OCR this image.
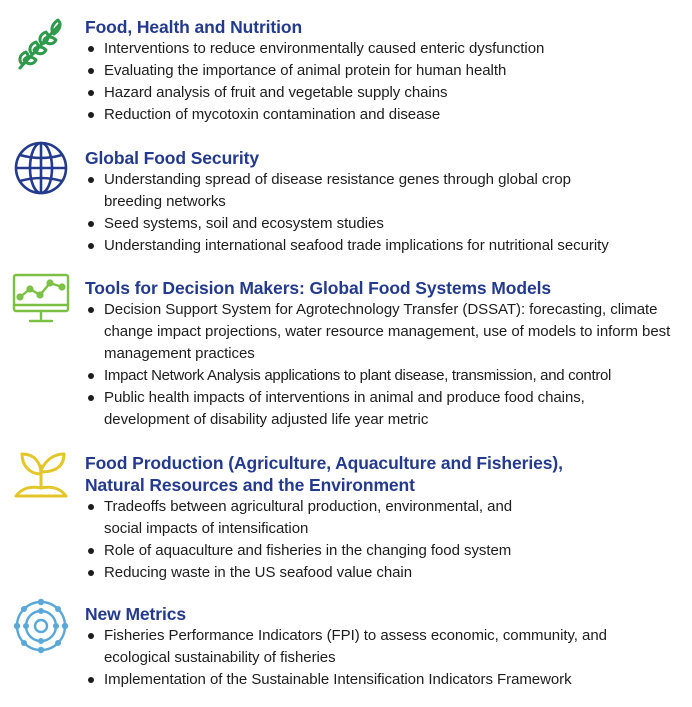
Food, Health and Nutrition
Interventions to reduce environmentally caused enteric dysfunction
Evaluating the importance of animal protein for human health
Hazard analysis of fruit and vegetable supply chains
Reduction of mycotoxin contamination and disease
Global Food Security
Understanding spread of disease resistance genes through global crop breeding networks
Seed systems, soil and ecosystem studies
Understanding international seafood trade implications for nutritional security
Tools for Decision Makers: Global Food Systems Models
Decision Support System for Agrotechnology Transfer (DSSAT): forecasting, climate change impact projections, water resource management, use of models to inform best management practices
Impact Network Analysis applications to plant disease, transmission, and control
Public health impacts of interventions in animal and produce food chains, development of disability adjusted life year metric
Food Production (Agriculture, Aquaculture and Fisheries), Natural Resources and the Environment
Tradeoffs between agricultural production, environmental, and social impacts of intensification
Role of aquaculture and fisheries in the changing food system
Reducing waste in the US seafood value chain
New Metrics
Fisheries Performance Indicators (FPI) to assess economic, community, and ecological sustainability of fisheries
Implementation of the Sustainable Intensification Indicators Framework
